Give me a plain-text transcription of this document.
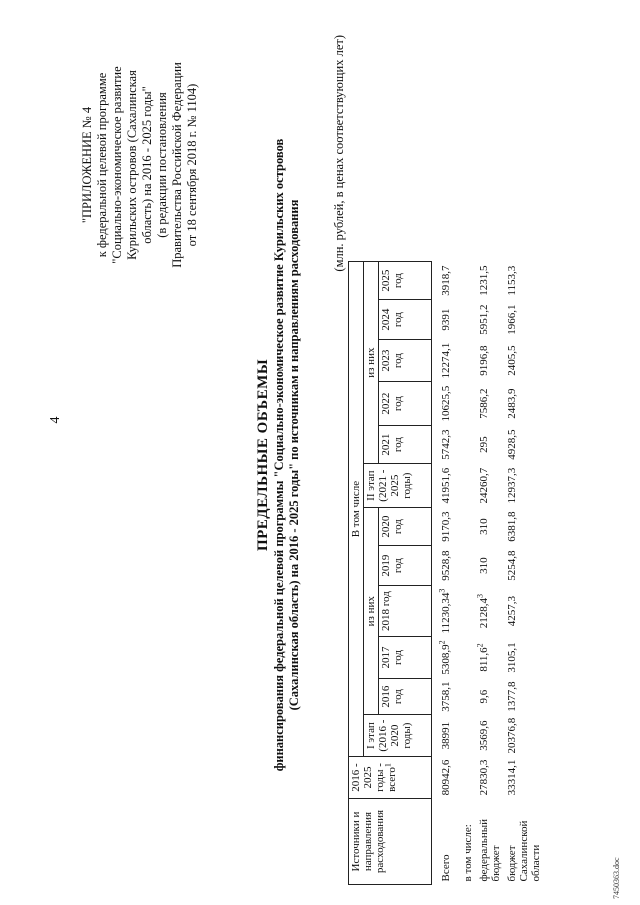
4
"ПРИЛОЖЕНИЕ № 4 к федеральной целевой программе "Социально-экономическое развитие Курильских островов (Сахалинская область) на 2016 - 2025 годы" (в редакции постановления Правительства Российской Федерации от 18 сентября 2018 г. № 1104)
ПРЕДЕЛЬНЫЕ ОБЪЕМЫ финансирования федеральной целевой программы "Социально-экономическое развитие Курильских островов (Сахалинская область) на 2016 - 2025 годы" по источникам и направлениям расходования
(млн. рублей, в ценах соответствующих лет)
Источники и направления расходования	2016 - 2025 годы - всего$^1$	В том числе											
		I этап (2016 - 2020 годы)	из них					II этап (2021 - 2025 годы)	из них				
			2016 год	2017 год	2018 год	2019 год	2020 год		2021 год	2022 год	2023 год	2024 год	2025 год
Всего	80942,6	38991	3758,1	5308,9$^2$	11230,34$^3$	9528,8	9170,3	41951,6	5742,3	10625,5	12274,1	9391	3918,7
в том числе:													
федеральный бюджет	27830,3	3569,6	9,6	811,6$^2$	2128,4$^3$	310	310	24260,7	295	7586,2	9196,8	5951,2	1231,5
бюджет Сахалинской области	33314,1	20376,8	1377,8	3105,1	4257,3	5254,8	6381,8	12937,3	4928,5	2483,9	2405,5	1966,1	1153,3
7450363.doc
